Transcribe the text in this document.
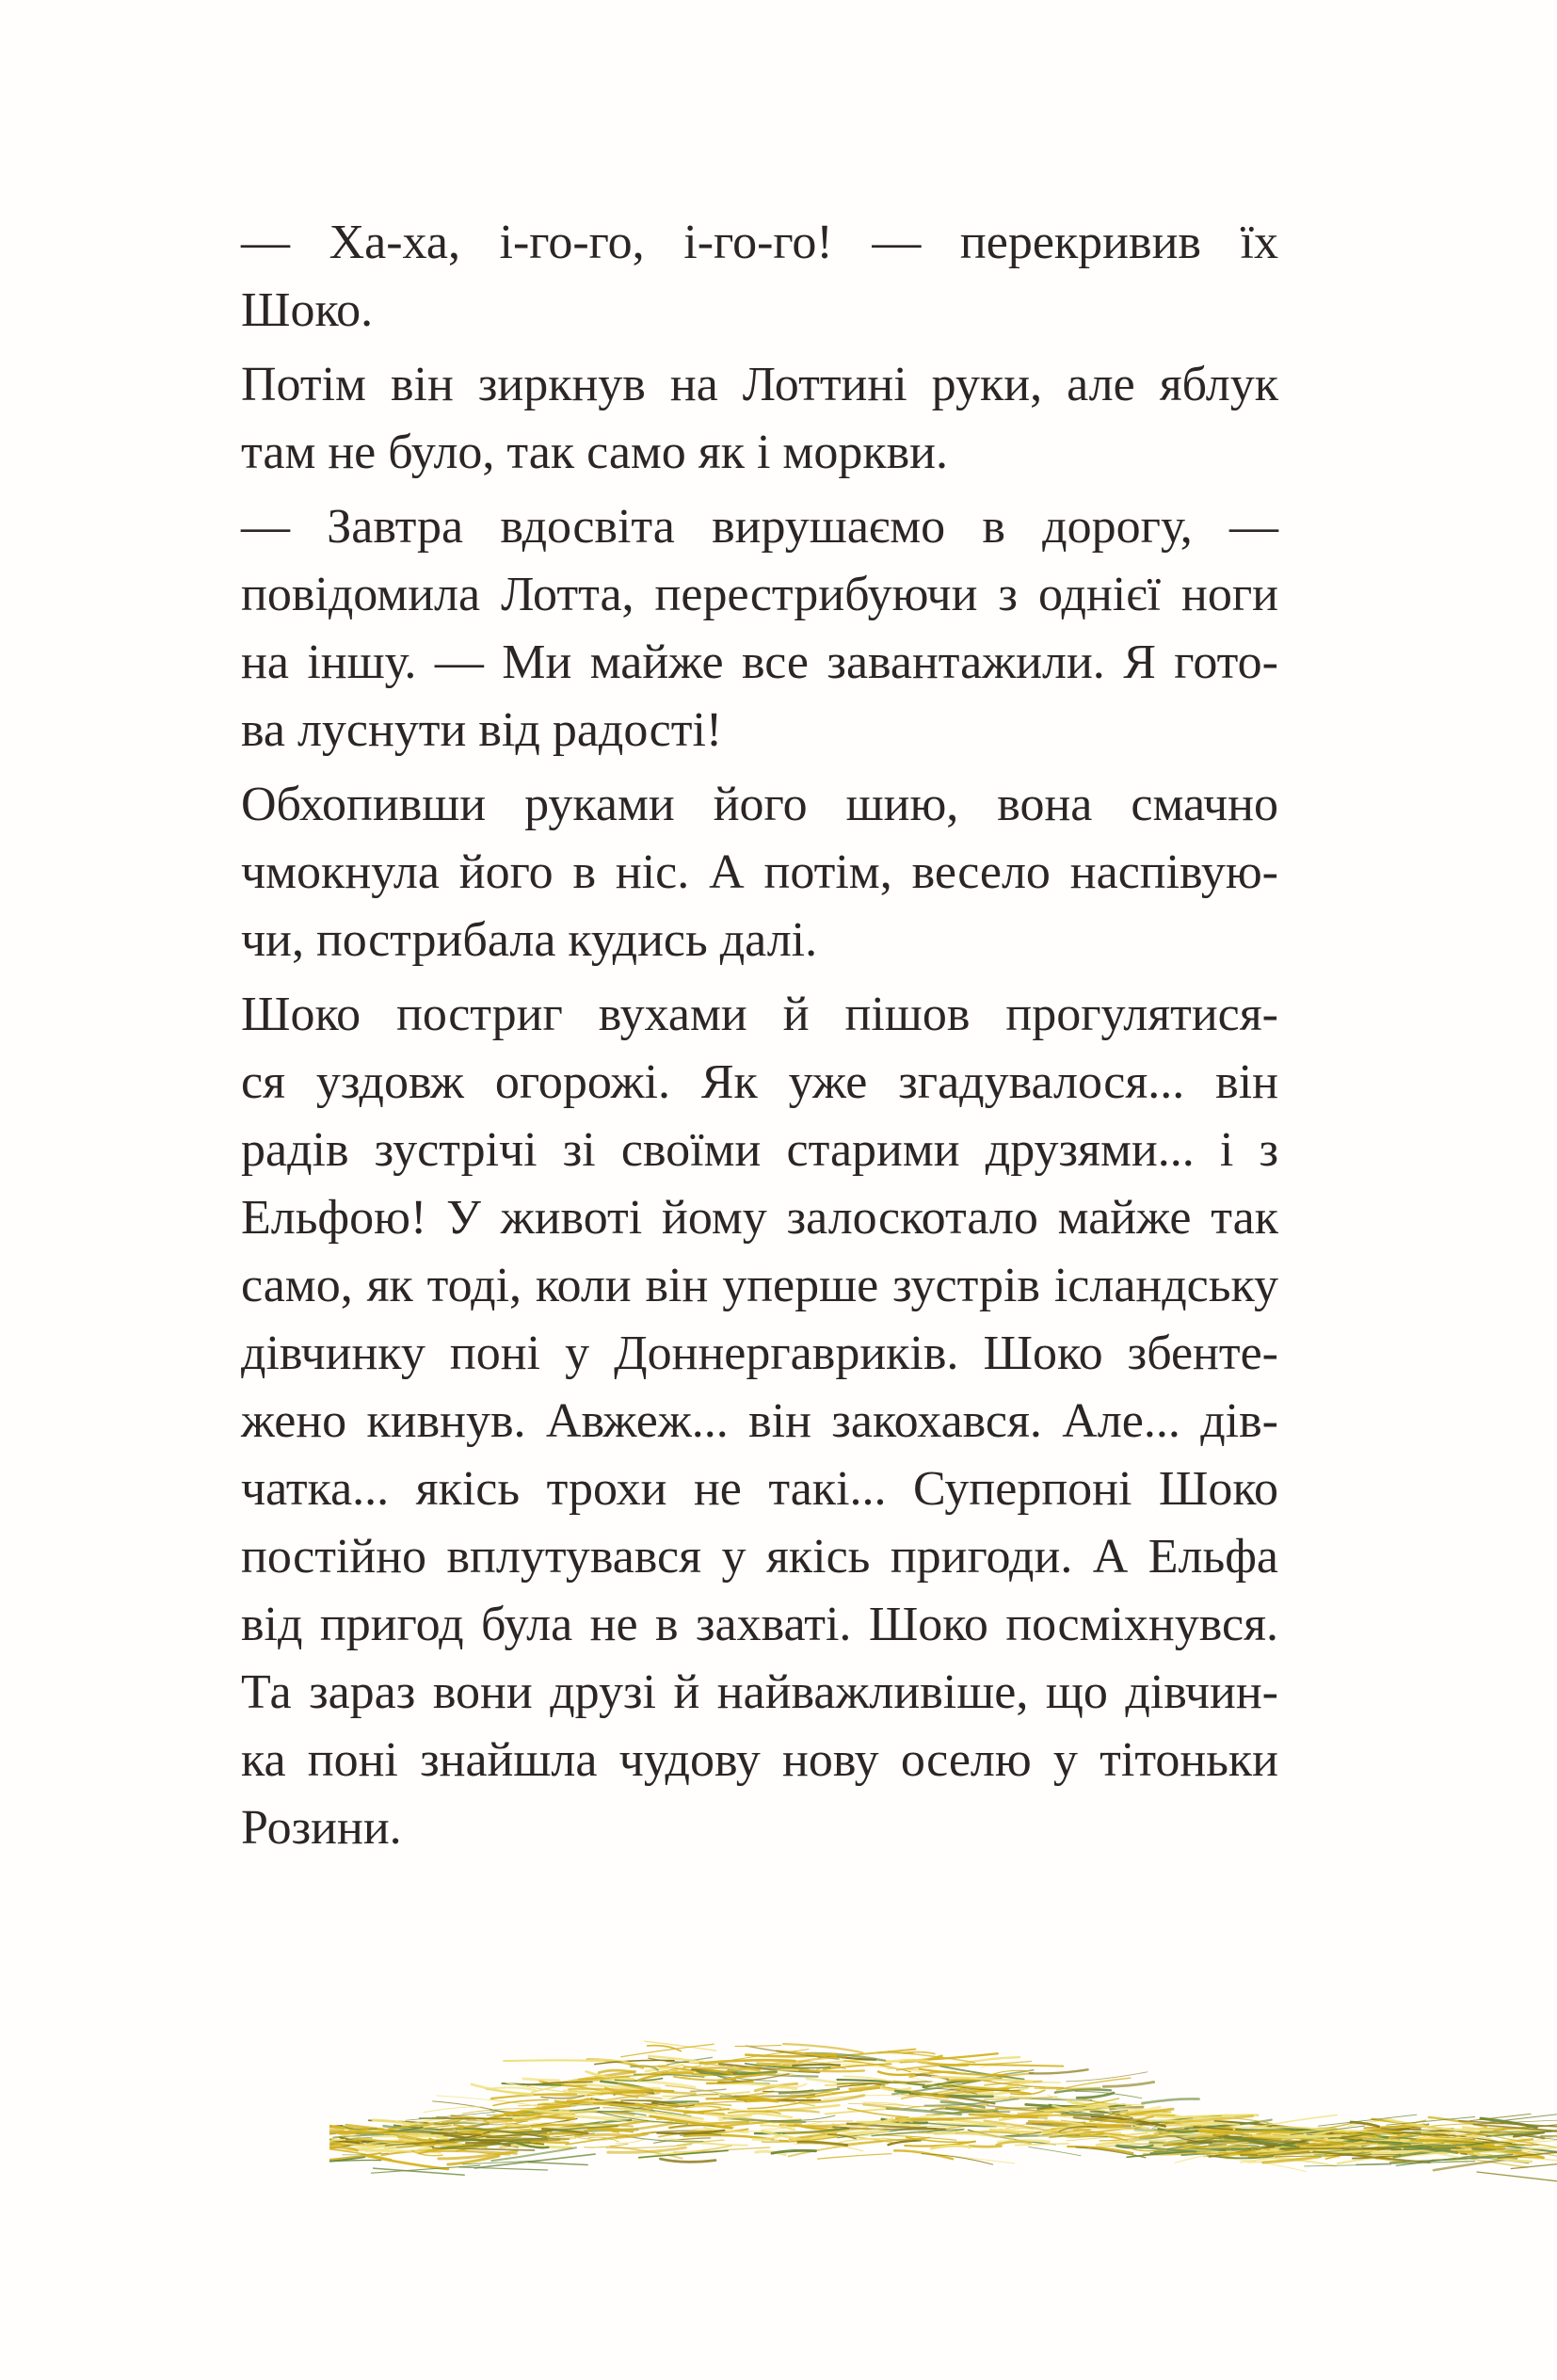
— Ха-ха, і-го-го, і-го-го! — перекривив їх
Шоко.

Потім він зиркнув на Лоттині руки, але яблук
там не було, так само як і моркви.

— Завтра вдосвіта вирушаємо в дорогу, —
повідомила Лотта, перестрибуючи з однієї ноги
на іншу. — Ми майже все завантажили. Я гото-
ва луснути від радості!

Обхопивши руками його шию, вона смачно
чмокнула його в ніс. А потім, весело наспівую-
чи, пострибала кудись далі.

Шоко постриг вухами й пішов прогулятися-
ся уздовж огорожі. Як уже згадувалося... він
радів зустрічі зі своїми старими друзями... і з
Ельфою! У животі йому залоскотало майже так
само, як тоді, коли він уперше зустрів ісландську
дівчинку поні у Доннергавриків. Шоко збенте-
жено кивнув. Авжеж... він закохався. Але... дів-
чатка... якісь трохи не такі... Суперпоні Шоко
постійно вплутувався у якісь пригоди. А Ельфа
від пригод була не в захваті. Шоко посміхнувся.
Та зараз вони друзі й найважливіше, що дівчин-
ка поні знайшла чудову нову оселю у тітоньки
Розини.
